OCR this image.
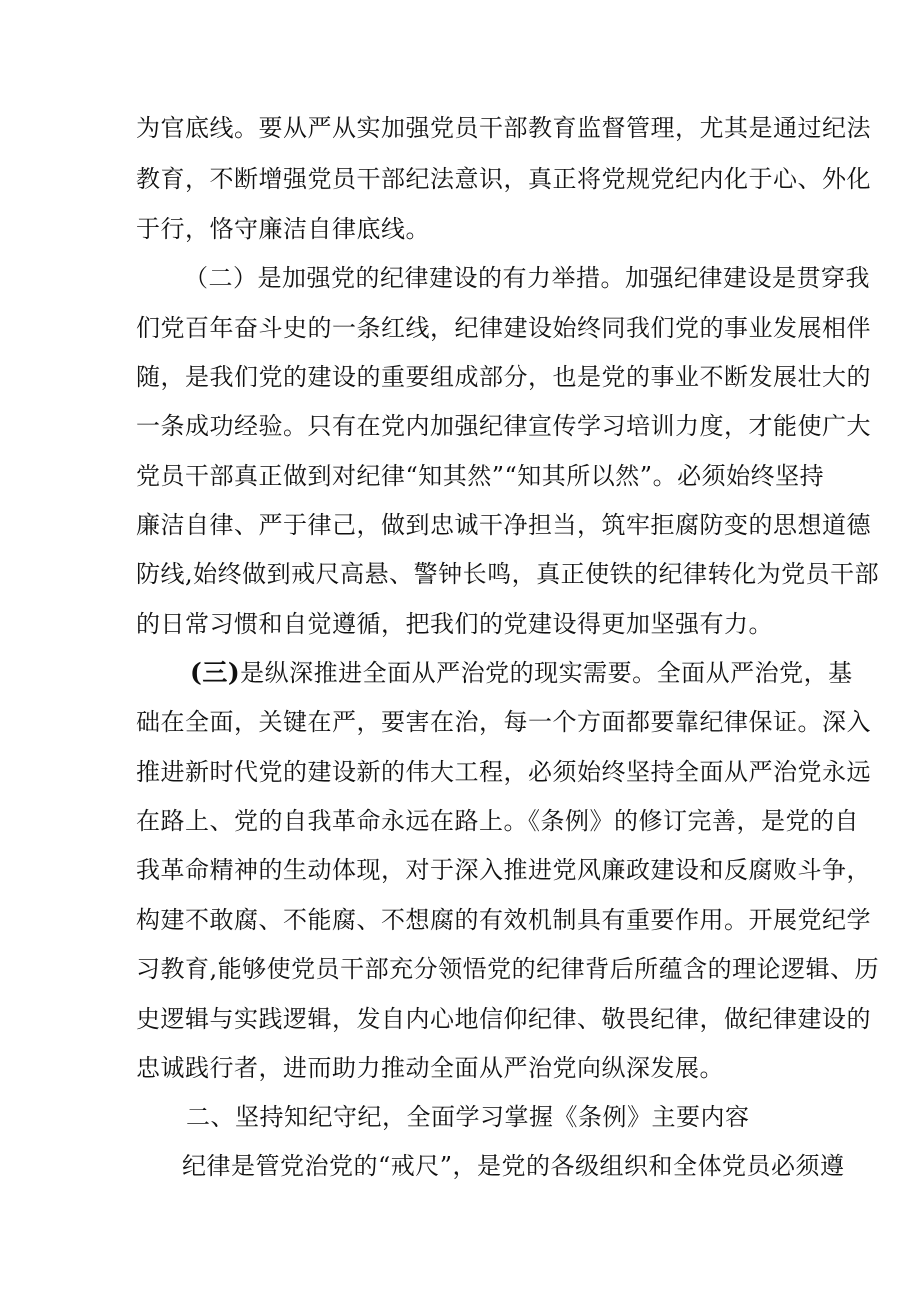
为官底线。要从严从实加强党员干部教育监督管理，尤其是通过纪法
教育，不断增强党员干部纪法意识，真正将党规党纪内化于心、外化
于行，恪守廉洁自律底线。
（二）是加强党的纪律建设的有力举措。加强纪律建设是贯穿我
们党百年奋斗史的一条红线，纪律建设始终同我们党的事业发展相伴
随，是我们党的建设的重要组成部分，也是党的事业不断发展壮大的
一条成功经验。只有在党内加强纪律宣传学习培训力度，才能使广大
党员干部真正做到对纪律“知其然”“知其所以然”。必须始终坚持
廉洁自律、严于律己，做到忠诚干净担当，筑牢拒腐防变的思想道德
防线,始终做到戒尺高悬、警钟长鸣，真正使铁的纪律转化为党员干部
的日常习惯和自觉遵循，把我们的党建设得更加坚强有力。
(三)是纵深推进全面从严治党的现实需要。全面从严治党，基
础在全面，关键在严，要害在治，每一个方面都要靠纪律保证。深入
推进新时代党的建设新的伟大工程，必须始终坚持全面从严治党永远
在路上、党的自我革命永远在路上。《条例》的修订完善，是党的自
我革命精神的生动体现，对于深入推进党风廉政建设和反腐败斗争，
构建不敢腐、不能腐、不想腐的有效机制具有重要作用。开展党纪学
习教育,能够使党员干部充分领悟党的纪律背后所蕴含的理论逻辑、历
史逻辑与实践逻辑，发自内心地信仰纪律、敬畏纪律，做纪律建设的
忠诚践行者，进而助力推动全面从严治党向纵深发展。
二、坚持知纪守纪，全面学习掌握《条例》主要内容
纪律是管党治党的“戒尺”，是党的各级组织和全体党员必须遵
